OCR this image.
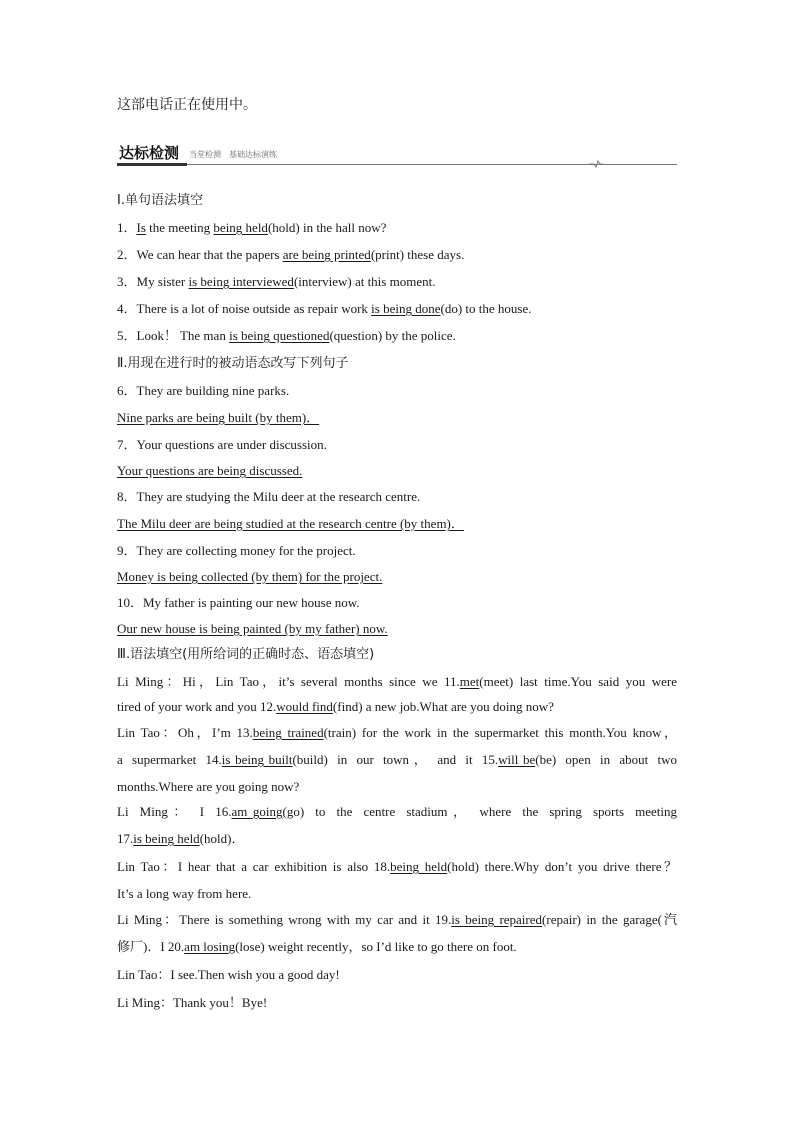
这部电话正在使用中。
达标检测 当堂检测 基础达标演练
Ⅰ.单句语法填空
1．Is the meeting being held(hold) in the hall now?
2．We can hear that the papers are being printed(print) these days.
3．My sister is being interviewed(interview) at this moment.
4．There is a lot of noise outside as repair work is being done(do) to the house.
5．Look！ The man is being questioned(question) by the police.
Ⅱ.用现在进行时的被动语态改写下列句子
6．They are building nine parks.
Nine parks are being built (by them)．
7．Your questions are under discussion.
Your questions are being discussed.
8．They are studying the Milu deer at the research centre.
The Milu deer are being studied at the research centre (by them)．
9．They are collecting money for the project.
Money is being collected (by them) for the project.
10．My father is painting our new house now.
Our new house is being painted (by my father) now.
Ⅲ.语法填空(用所给词的正确时态、语态填空)
Li Ming：Hi，Lin Tao，it’s several months since we 11.met(meet) last time.You said you were
tired of your work and you 12.would find(find) a new job.What are you doing now?
Lin Tao：Oh，I’m 13.being trained(train) for the work in the supermarket this month.You know，
a  supermarket  14.is being built(build)  in  our  town ，  and  it  15.will be(be)  open  in  about  two
months.Where are you going now?
Li  Ming ：  I  16.am going(go)  to  the  centre  stadium ，  where  the  spring  sports  meeting
17.is being held(hold)．
Lin Tao：I hear that a car exhibition is also 18.being held(hold) there.Why don’t you drive there？
It’s a long way from here.
Li Ming：There is something wrong with my car and it 19.is being repaired(repair) in the garage(汽
修厂)．I 20.am losing(lose) weight recently，so I’d like to go there on foot.
Lin Tao：I see.Then wish you a good day!
Li Ming：Thank you！Bye!
